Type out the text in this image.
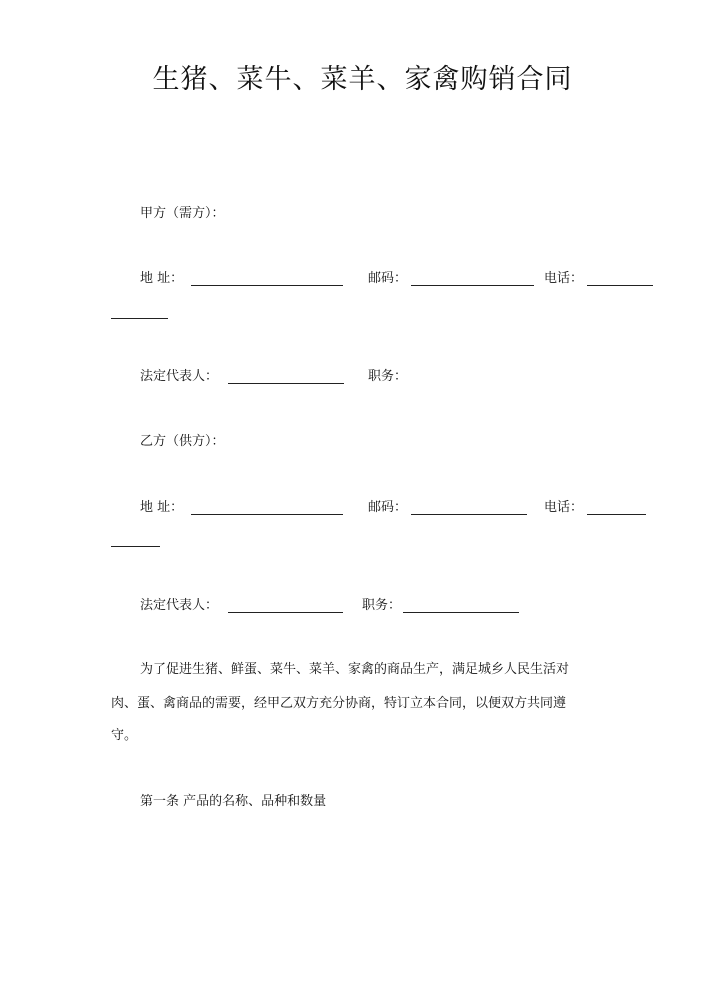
生猪、菜牛、菜羊、家禽购销合同
甲方（需方）：
地 址：	邮码：	电话：
法定代表人：	职务：
乙方（供方）：
地 址：	邮码：	电话：
法定代表人：	职务：
为了促进生猪、鲜蛋、菜牛、菜羊、家禽的商品生产，满足城乡人民生活对
肉、蛋、禽商品的需要，经甲乙双方充分协商，特订立本合同，以便双方共同遵
守。
第一条 产品的名称、品种和数量
